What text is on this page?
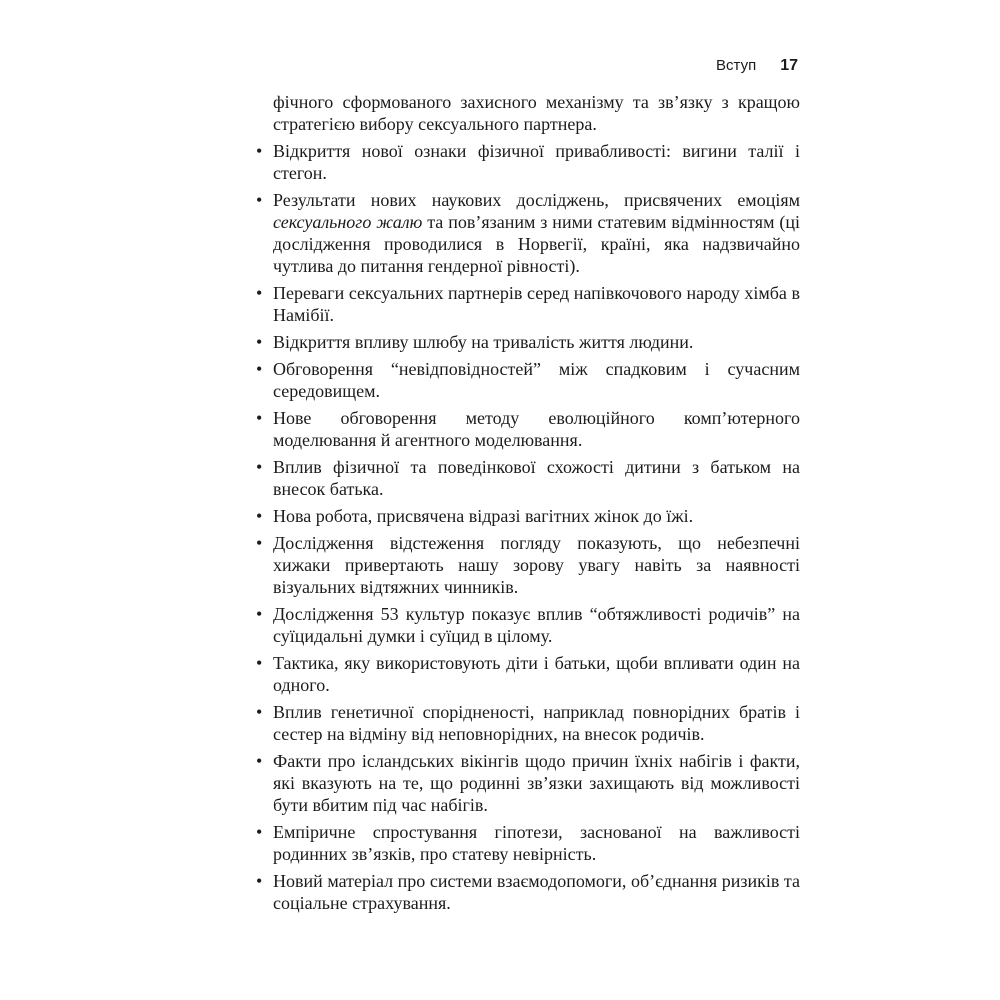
Вступ 17

фічного сформованого захисного механізму та зв’язку з кращою стратегією вибору сексуального партнера.

• Відкриття нової ознаки фізичної привабливості: вигини талії і стегон.
• Результати нових наукових досліджень, присвячених емоціям сексуального жалю та пов’язаним з ними статевим відмінностям (ці дослідження проводилися в Норвегії, країні, яка надзвичайно чутлива до питання гендерної рівності).
• Переваги сексуальних партнерів серед напівкочового народу хімба в Намібії.
• Відкриття впливу шлюбу на тривалість життя людини.
• Обговорення “невідповідностей” між спадковим і сучасним середовищем.
• Нове обговорення методу еволюційного комп’ютерного моделювання й агентного моделювання.
• Вплив фізичної та поведінкової схожості дитини з батьком на внесок батька.
• Нова робота, присвячена відразі вагітних жінок до їжі.
• Дослідження відстеження погляду показують, що небезпечні хижаки привертають нашу зорову увагу навіть за наявності візуальних відтяжних чинників.
• Дослідження 53 культур показує вплив “обтяжливості родичів” на суїцидальні думки і суїцид в цілому.
• Тактика, яку використовують діти і батьки, щоби впливати один на одного.
• Вплив генетичної спорідненості, наприклад повнорідних братів і сестер на відміну від неповнорідних, на внесок родичів.
• Факти про ісландських вікінгів щодо причин їхніх набігів і факти, які вказують на те, що родинні зв’язки захищають від можливості бути вбитим під час набігів.
• Емпіричне спростування гіпотези, заснованої на важливості родинних зв’язків, про статеву невірність.
• Новий матеріал про системи взаємодопомоги, об’єднання ризиків та соціальне страхування.
